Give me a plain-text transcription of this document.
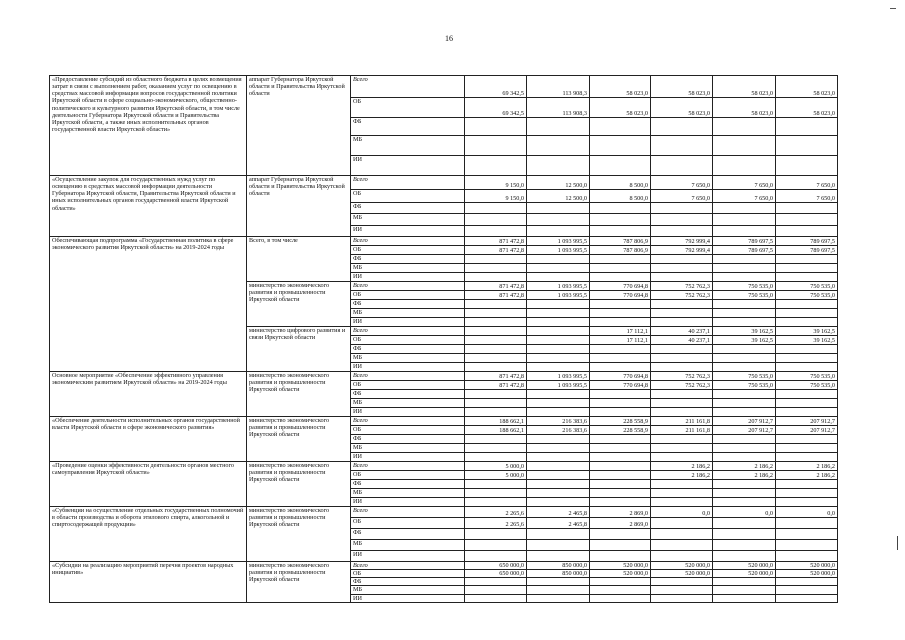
16
«Предоставление субсидий из областного бюджета в целях возмещения затрат в связи с выполнением работ, оказанием услуг по освещению в средствах массовой информации вопросов государственной политики Иркутской области в сфере социально-экономического, общественно-политического и культурного развития Иркутской области, в том числе деятельности Губернатора Иркутской области и Правительства Иркутской области, а также иных исполнительных органов государственной власти Иркутской области»	аппарат Губернатора Иркутской области и Правительства Иркутской области	Всего	69 342,5	113 908,3	58 023,0	58 023,0	58 023,0	58 023,0
		ОБ	69 342,5	113 908,3	58 023,0	58 023,0	58 023,0	58 023,0
		ФБ						
		МБ						
		ИИ						
«Осуществление закупок для государственных нужд услуг по освещению в средствах массовой информации деятельности Губернатора Иркутской области, Правительства Иркутской области и иных исполнительных органов государственной власти Иркутской области»	аппарат Губернатора Иркутской области и Правительства Иркутской области	Всего	9 150,0	12 500,0	8 500,0	7 650,0	7 650,0	7 650,0
		ОБ	9 150,0	12 500,0	8 500,0	7 650,0	7 650,0	7 650,0
		ФБ						
		МБ						
		ИИ						
Обеспечивающая подпрограмма «Государственная политика в сфере экономического развития Иркутской области» на 2019-2024 годы	Всего, в том числе	Всего	871 472,8	1 093 995,5	787 806,9	792 999,4	789 697,5	789 697,5
		ОБ	871 472,8	1 093 995,5	787 806,9	792 999,4	789 697,5	789 697,5
		ФБ						
		МБ						
		ИИ						
	министерство экономического развития и промышленности Иркутской области	Всего	871 472,8	1 093 995,5	770 694,8	752 762,3	750 535,0	750 535,0
		ОБ	871 472,8	1 093 995,5	770 694,8	752 762,3	750 535,0	750 535,0
		ФБ						
		МБ						
		ИИ						
	министерство цифрового развития и связи Иркутской области	Всего			17 112,1	40 237,1	39 162,5	39 162,5
		ОБ			17 112,1	40 237,1	39 162,5	39 162,5
		ФБ						
		МБ						
		ИИ						
Основное мероприятие «Обеспечение эффективного управления экономическим развитием Иркутской области» на 2019-2024 годы	министерство экономического развития и промышленности Иркутской области	Всего	871 472,8	1 093 995,5	770 694,8	752 762,3	750 535,0	750 535,0
		ОБ	871 472,8	1 093 995,5	770 694,8	752 762,3	750 535,0	750 535,0
		ФБ						
		МБ						
		ИИ						
«Обеспечение деятельности исполнительных органов государственной власти Иркутской области в сфере экономического развития»	министерство экономического развития и промышленности Иркутской области	Всего	188 662,1	216 383,6	228 558,9	211 161,8	207 912,7	207 912,7
		ОБ	188 662,1	216 383,6	228 558,9	211 161,8	207 912,7	207 912,7
		ФБ						
		МБ						
		ИИ						
«Проведение оценки эффективности деятельности органов местного самоуправления Иркутской области»	министерство экономического развития и промышленности Иркутской области	Всего	5 000,0			2 186,2	2 186,2	2 186,2
		ОБ	5 000,0			2 186,2	2 186,2	2 186,2
		ФБ						
		МБ						
		ИИ						
«Субвенции на осуществление отдельных государственных полномочий в области производства и оборота этилового спирта, алкогольной и спиртосодержащей продукции»	министерство экономического развития и промышленности Иркутской области	Всего	2 265,6	2 465,8	2 869,0	0,0	0,0	0,0
		ОБ	2 265,6	2 465,8	2 869,0			
		ФБ						
		МБ						
		ИИ						
«Субсидии на реализацию мероприятий перечня проектов народных инициатив»	министерство экономического развития и промышленности Иркутской области	Всего	650 000,0	850 000,0	520 000,0	520 000,0	520 000,0	520 000,0
		ОБ	650 000,0	850 000,0	520 000,0	520 000,0	520 000,0	520 000,0
		ФБ						
		МБ						
		ИИ						
